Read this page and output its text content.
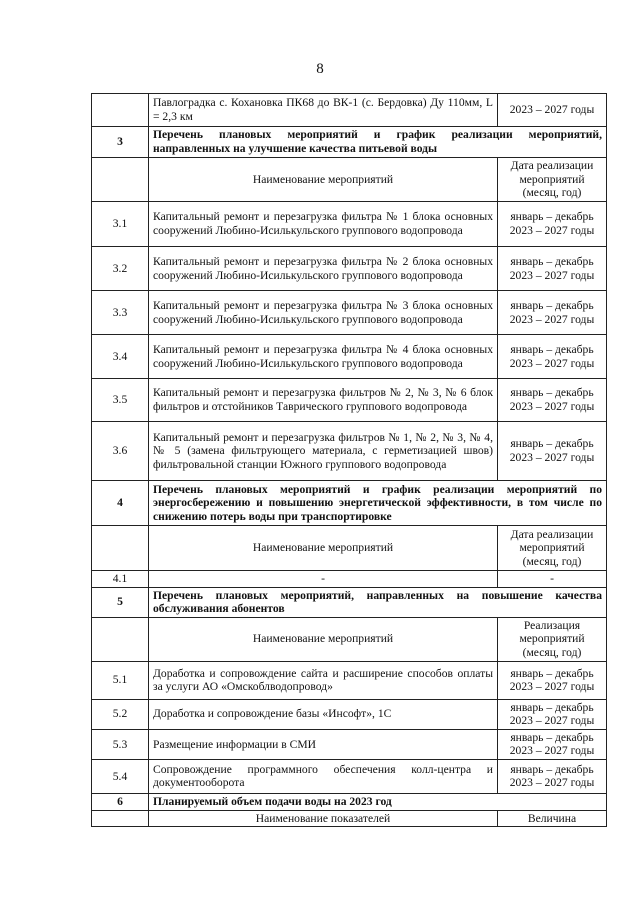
8
	Павлоградка с. Кохановка ПК68 до ВК-1 (с. Бердовка) Ду 110мм, L = 2,3 км	2023 – 2027 годы
3	Перечень плановых мероприятий и график реализации мероприятий, направленных на улучшение качества питьевой воды	
	Наименование мероприятий	Дата реализации мероприятий (месяц, год)
3.1	Капитальный ремонт и перезагрузка фильтра № 1 блока основных сооружений Любино-Исилькульского группового водопровода	январь – декабрь 2023 – 2027 годы
3.2	Капитальный ремонт и перезагрузка фильтра № 2 блока основных сооружений Любино-Исилькульского группового водопровода	январь – декабрь 2023 – 2027 годы
3.3	Капитальный ремонт и перезагрузка фильтра № 3 блока основных сооружений Любино-Исилькульского группового водопровода	январь – декабрь 2023 – 2027 годы
3.4	Капитальный ремонт и перезагрузка фильтра № 4 блока основных сооружений Любино-Исилькульского группового водопровода	январь – декабрь 2023 – 2027 годы
3.5	Капитальный ремонт и перезагрузка фильтров № 2, № 3, № 6 блок фильтров и отстойников Таврического группового водопровода	январь – декабрь 2023 – 2027 годы
3.6	Капитальный ремонт и перезагрузка фильтров № 1, № 2, № 3, № 4, № 5 (замена фильтрующего материала, с герметизацией швов) фильтровальной станции Южного группового водопровода	январь – декабрь 2023 – 2027 годы
4	Перечень плановых мероприятий и график реализации мероприятий по энергосбережению и повышению энергетической эффективности, в том числе по снижению потерь воды при транспортировке	
	Наименование мероприятий	Дата реализации мероприятий (месяц, год)
4.1	-	-
5	Перечень плановых мероприятий, направленных на повышение качества обслуживания абонентов	
	Наименование мероприятий	Реализация мероприятий (месяц, год)
5.1	Доработка и сопровождение сайта и расширение способов оплаты за услуги АО «Омскоблводопровод»	январь – декабрь 2023 – 2027 годы
5.2	Доработка и сопровождение базы «Инсофт», 1С	январь – декабрь 2023 – 2027 годы
5.3	Размещение информации в СМИ	январь – декабрь 2023 – 2027 годы
5.4	Сопровождение программного обеспечения колл-центра и документооборота	январь – декабрь 2023 – 2027 годы
6	Планируемый объем подачи воды на 2023 год	
	Наименование показателей	Величина
